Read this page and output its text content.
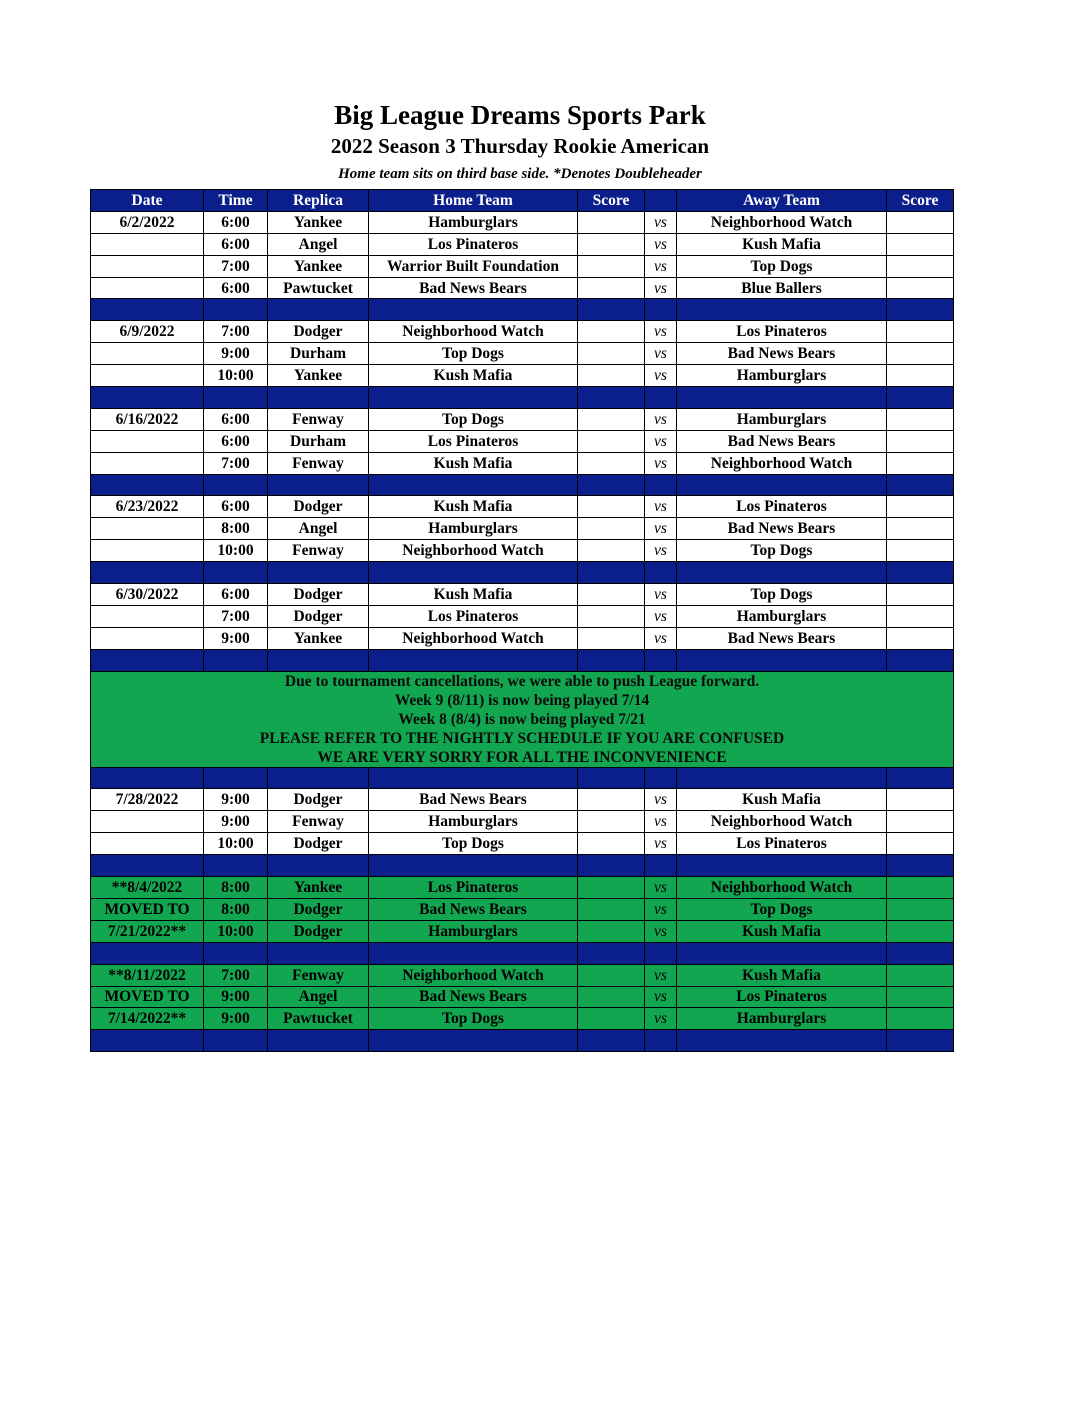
Big League Dreams Sports Park
2022 Season 3 Thursday Rookie American
Home team sits on third base side. *Denotes Doubleheader
Date	Time	Replica	Home Team	Score		Away Team	Score
6/2/2022	6:00	Yankee	Hamburglars		vs	Neighborhood Watch	
	6:00	Angel	Los Pinateros		vs	Kush Mafia	
	7:00	Yankee	Warrior Built Foundation		vs	Top Dogs	
	6:00	Pawtucket	Bad News Bears		vs	Blue Ballers	

6/9/2022	7:00	Dodger	Neighborhood Watch		vs	Los Pinateros	
	9:00	Durham	Top Dogs		vs	Bad News Bears	
	10:00	Yankee	Kush Mafia		vs	Hamburglars	

6/16/2022	6:00	Fenway	Top Dogs		vs	Hamburglars	
	6:00	Durham	Los Pinateros		vs	Bad News Bears	
	7:00	Fenway	Kush Mafia		vs	Neighborhood Watch	

6/23/2022	6:00	Dodger	Kush Mafia		vs	Los Pinateros	
	8:00	Angel	Hamburglars		vs	Bad News Bears	
	10:00	Fenway	Neighborhood Watch		vs	Top Dogs	

6/30/2022	6:00	Dodger	Kush Mafia		vs	Top Dogs	
	7:00	Dodger	Los Pinateros		vs	Hamburglars	
	9:00	Yankee	Neighborhood Watch		vs	Bad News Bears	

Due to tournament cancellations, we were able to push League forward.
Week 9 (8/11) is now being played 7/14
Week 8 (8/4) is now being played 7/21
PLEASE REFER TO THE NIGHTLY SCHEDULE IF YOU ARE CONFUSED
WE ARE VERY SORRY FOR ALL THE INCONVENIENCE							

7/28/2022	9:00	Dodger	Bad News Bears		vs	Kush Mafia	
	9:00	Fenway	Hamburglars		vs	Neighborhood Watch	
	10:00	Dodger	Top Dogs		vs	Los Pinateros	

**8/4/2022	8:00	Yankee	Los Pinateros		vs	Neighborhood Watch	
MOVED TO	8:00	Dodger	Bad News Bears		vs	Top Dogs	
7/21/2022**	10:00	Dodger	Hamburglars		vs	Kush Mafia	

**8/11/2022	7:00	Fenway	Neighborhood Watch		vs	Kush Mafia	
MOVED TO	9:00	Angel	Bad News Bears		vs	Los Pinateros	
7/14/2022**	9:00	Pawtucket	Top Dogs		vs	Hamburglars	
